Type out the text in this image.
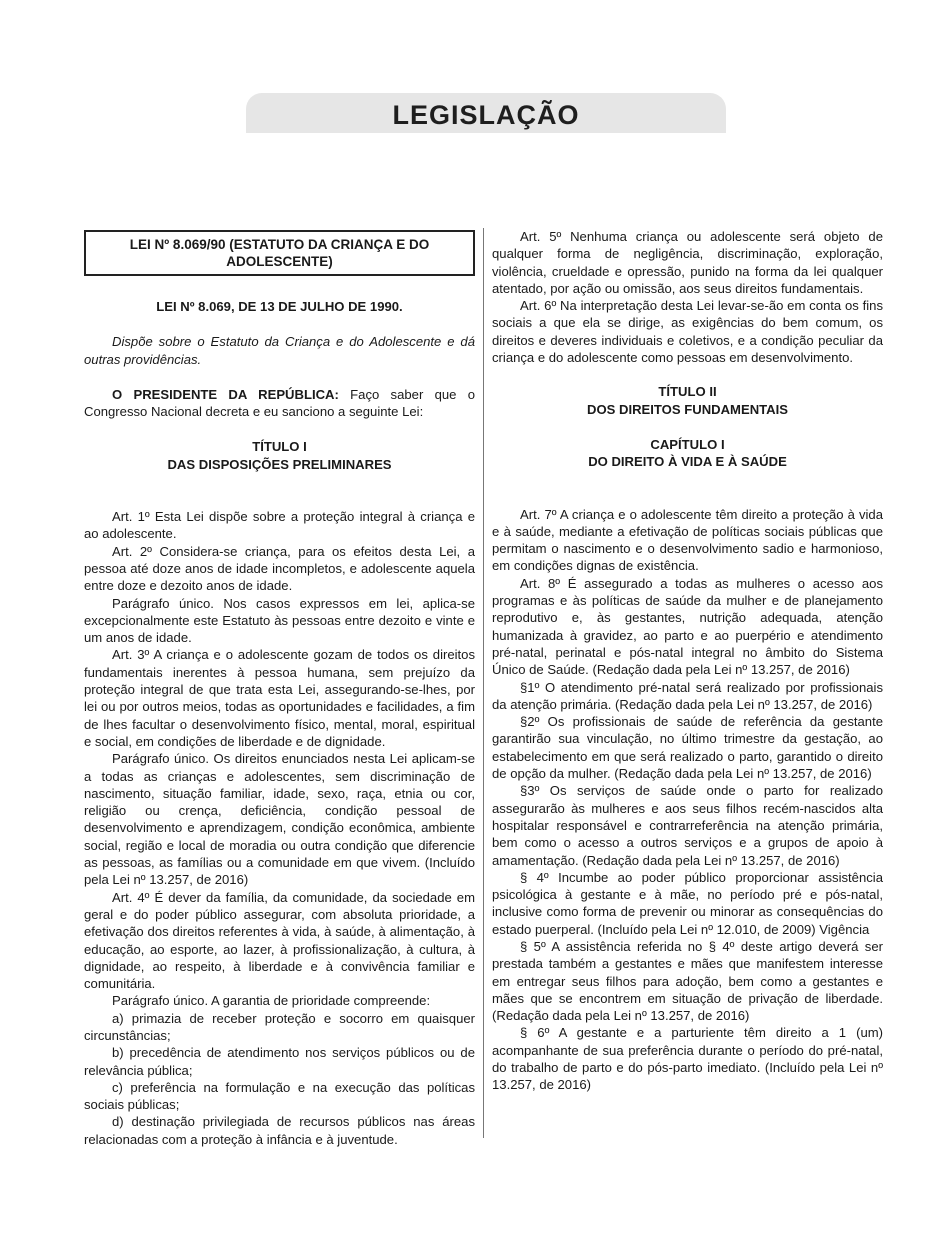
LEGISLAÇÃO
LEI Nº 8.069/90 (ESTATUTO DA CRIANÇA E DO ADOLESCENTE)
LEI Nº 8.069, DE 13 DE JULHO DE 1990.

Dispõe sobre o Estatuto da Criança e do Adolescente e dá outras providências.

O PRESIDENTE DA REPÚBLICA: Faço saber que o Congresso Nacional decreta e eu sanciono a seguinte Lei:

TÍTULO I
DAS DISPOSIÇÕES PRELIMINARES

Art. 1º Esta Lei dispõe sobre a proteção integral à criança e ao adolescente.

Art. 2º Considera-se criança, para os efeitos desta Lei, a pessoa até doze anos de idade incompletos, e adolescente aquela entre doze e dezoito anos de idade.

Parágrafo único. Nos casos expressos em lei, aplica-se excepcionalmente este Estatuto às pessoas entre dezoito e vinte e um anos de idade.

Art. 3º A criança e o adolescente gozam de todos os direitos fundamentais inerentes à pessoa humana, sem prejuízo da proteção integral de que trata esta Lei, assegurando-se-lhes, por lei ou por outros meios, todas as oportunidades e facilidades, a fim de lhes facultar o desenvolvimento físico, mental, moral, espiritual e social, em condições de liberdade e de dignidade.

Parágrafo único. Os direitos enunciados nesta Lei aplicam-se a todas as crianças e adolescentes, sem discriminação de nascimento, situação familiar, idade, sexo, raça, etnia ou cor, religião ou crença, deficiência, condição pessoal de desenvolvimento e aprendizagem, condição econômica, ambiente social, região e local de moradia ou outra condição que diferencie as pessoas, as famílias ou a comunidade em que vivem. (Incluído pela Lei nº 13.257, de 2016)

Art. 4º É dever da família, da comunidade, da sociedade em geral e do poder público assegurar, com absoluta prioridade, a efetivação dos direitos referentes à vida, à saúde, à alimentação, à educação, ao esporte, ao lazer, à profissionalização, à cultura, à dignidade, ao respeito, à liberdade e à convivência familiar e comunitária.

Parágrafo único. A garantia de prioridade compreende:

a) primazia de receber proteção e socorro em quaisquer circunstâncias;

b) precedência de atendimento nos serviços públicos ou de relevância pública;

c) preferência na formulação e na execução das políticas sociais públicas;

d) destinação privilegiada de recursos públicos nas áreas relacionadas com a proteção à infância e à juventude.

Art. 5º Nenhuma criança ou adolescente será objeto de qualquer forma de negligência, discriminação, exploração, violência, crueldade e opressão, punido na forma da lei qualquer atentado, por ação ou omissão, aos seus direitos fundamentais.

Art. 6º Na interpretação desta Lei levar-se-ão em conta os fins sociais a que ela se dirige, as exigências do bem comum, os direitos e deveres individuais e coletivos, e a condição peculiar da criança e do adolescente como pessoas em desenvolvimento.

TÍTULO II
DOS DIREITOS FUNDAMENTAIS
CAPÍTULO I
DO DIREITO À VIDA E À SAÚDE

Art. 7º A criança e o adolescente têm direito a proteção à vida e à saúde, mediante a efetivação de políticas sociais públicas que permitam o nascimento e o desenvolvimento sadio e harmonioso, em condições dignas de existência.

Art. 8º É assegurado a todas as mulheres o acesso aos programas e às políticas de saúde da mulher e de planejamento reprodutivo e, às gestantes, nutrição adequada, atenção humanizada à gravidez, ao parto e ao puerpério e atendimento pré-natal, perinatal e pós-natal integral no âmbito do Sistema Único de Saúde. (Redação dada pela Lei nº 13.257, de 2016)

§1º O atendimento pré-natal será realizado por profissionais da atenção primária. (Redação dada pela Lei nº 13.257, de 2016)

§2º Os profissionais de saúde de referência da gestante garantirão sua vinculação, no último trimestre da gestação, ao estabelecimento em que será realizado o parto, garantido o direito de opção da mulher. (Redação dada pela Lei nº 13.257, de 2016)

§3º Os serviços de saúde onde o parto for realizado assegurarão às mulheres e aos seus filhos recém-nascidos alta hospitalar responsável e contrarreferência na atenção primária, bem como o acesso a outros serviços e a grupos de apoio à amamentação. (Redação dada pela Lei nº 13.257, de 2016)

§ 4º Incumbe ao poder público proporcionar assistência psicológica à gestante e à mãe, no período pré e pós-natal, inclusive como forma de prevenir ou minorar as consequências do estado puerperal. (Incluído pela Lei nº 12.010, de 2009) Vigência

§ 5º A assistência referida no § 4º deste artigo deverá ser prestada também a gestantes e mães que manifestem interesse em entregar seus filhos para adoção, bem como a gestantes e mães que se encontrem em situação de privação de liberdade. (Redação dada pela Lei nº 13.257, de 2016)

§ 6º A gestante e a parturiente têm direito a 1 (um) acompanhante de sua preferência durante o período do pré-natal, do trabalho de parto e do pós-parto imediato. (Incluído pela Lei nº 13.257, de 2016)
